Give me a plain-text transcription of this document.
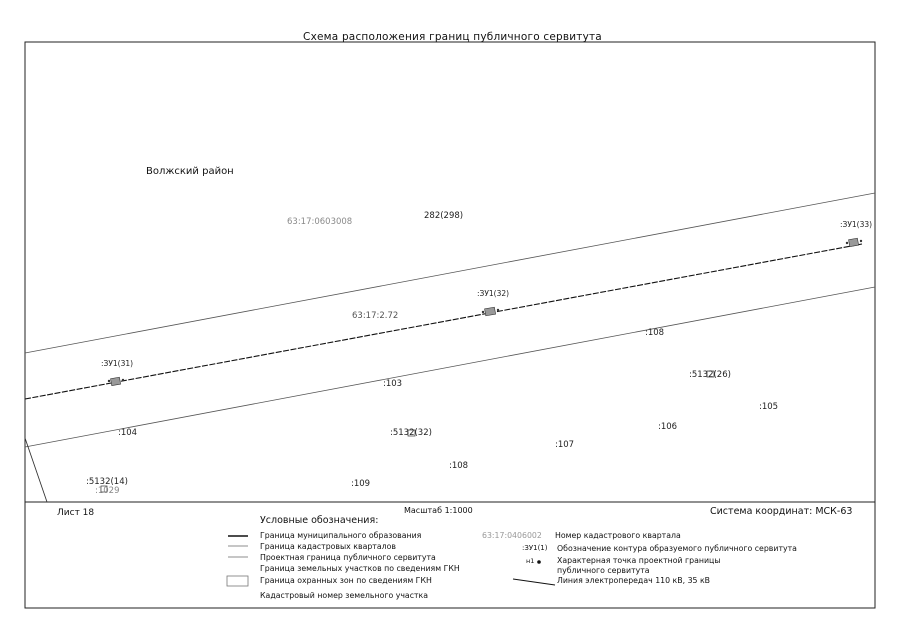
Схема расположения границ публичного сервитута
Волжский район
63:17:0603008
63:17:2.72
282(298)
:108
:5132(26)
:105
:103
:104	:5132(32)
:106
:107
:108
:109
:5132(14)
:1029
:ЗУ1(31)
:ЗУ1(32)
:ЗУ1(33)
Лист 18	Масштаб 1:1000	Система координат: МСК-63
Условные обозначения:
Граница муниципального образования
Граница кадастровых кварталов
Проектная граница публичного сервитута
Граница земельных участков по сведениям ГКН
Граница охранных зон по сведениям ГКН
Кадастровый номер земельного участка
63:17:0406002 Номер кадастрового квартала
:ЗУ1(1) Обозначение контура образуемого публичного сервитута
н1	Характерная точка проектной границы
публичного сервитута
Линия электропередач 110 кВ, 35 кВ
